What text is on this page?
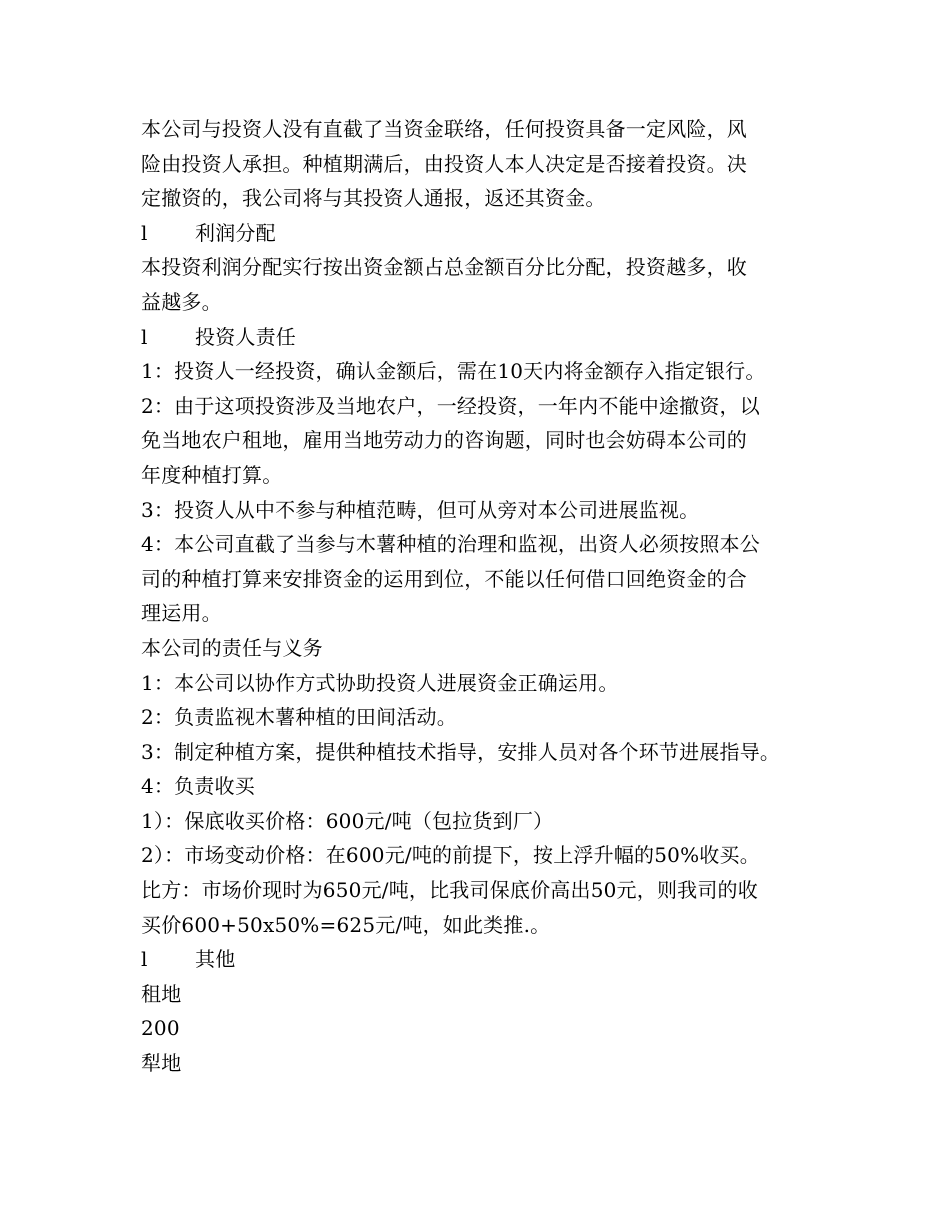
本公司与投资人没有直截了当资金联络，任何投资具备一定风险，风
险由投资人承担。种植期满后，由投资人本人决定是否接着投资。决
定撤资的，我公司将与其投资人通报，返还其资金。
l 利润分配
本投资利润分配实行按出资金额占总金额百分比分配，投资越多，收
益越多。
l 投资人责任
1：投资人一经投资，确认金额后，需在10天内将金额存入指定银行。
2：由于这项投资涉及当地农户，一经投资，一年内不能中途撤资，以
免当地农户租地，雇用当地劳动力的咨询题，同时也会妨碍本公司的
年度种植打算。
3：投资人从中不参与种植范畴，但可从旁对本公司进展监视。
4：本公司直截了当参与木薯种植的治理和监视，出资人必须按照本公
司的种植打算来安排资金的运用到位，不能以任何借口回绝资金的合
理运用。
本公司的责任与义务
1：本公司以协作方式协助投资人进展资金正确运用。
2：负责监视木薯种植的田间活动。
3：制定种植方案，提供种植技术指导，安排人员对各个环节进展指导。
4：负责收买
1）：保底收买价格：600元/吨（包拉货到厂）
2）：市场变动价格：在600元/吨的前提下，按上浮升幅的50%收买。
比方：市场价现时为650元/吨，比我司保底价高出50元，则我司的收
买价600+50x50%=625元/吨，如此类推.。
l 其他
租地
200
犁地
